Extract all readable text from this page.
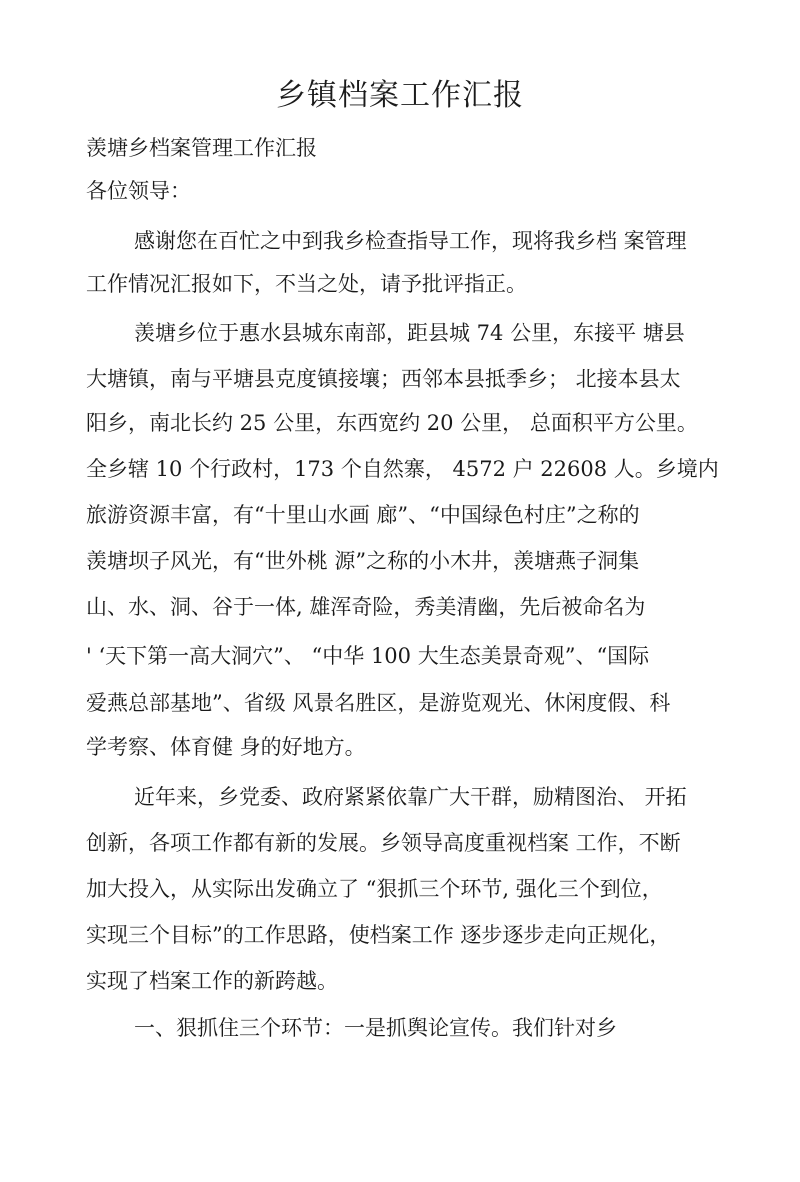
乡镇档案工作汇报
羡塘乡档案管理工作汇报
各位领导：
感谢您在百忙之中到我乡检查指导工作，现将我乡档 案管理
工作情况汇报如下，不当之处，请予批评指正。
羡塘乡位于惠水县城东南部，距县城 74 公里，东接平 塘县
大塘镇，南与平塘县克度镇接壤；西邻本县抵季乡； 北接本县太
阳乡，南北长约 25 公里，东西宽约 20 公里， 总面积平方公里。
全乡辖 10 个行政村，173 个自然寨， 4572 户 22608 人。乡境内
旅游资源丰富，有“十里山水画 廊”、“中国绿色村庄”之称的
羡塘坝子风光，有“世外桃 源”之称的小木井，羡塘燕子洞集
山、水、洞、谷于一体, 雄浑奇险，秀美清幽，先后被命名为
' ‘天下第一高大洞穴”、 “中华 100 大生态美景奇观”、“国际
爱燕总部基地”、省级 风景名胜区，是游览观光、休闲度假、科
学考察、体育健 身的好地方。
近年来，乡党委、政府紧紧依靠广大干群，励精图治、 开拓
创新，各项工作都有新的发展。乡领导高度重视档案 工作，不断
加大投入，从实际出发确立了 “狠抓三个环节, 强化三个到位，
实现三个目标”的工作思路，使档案工作 逐步逐步走向正规化，
实现了档案工作的新跨越。
一、狠抓住三个环节：一是抓舆论宣传。我们针对乡
